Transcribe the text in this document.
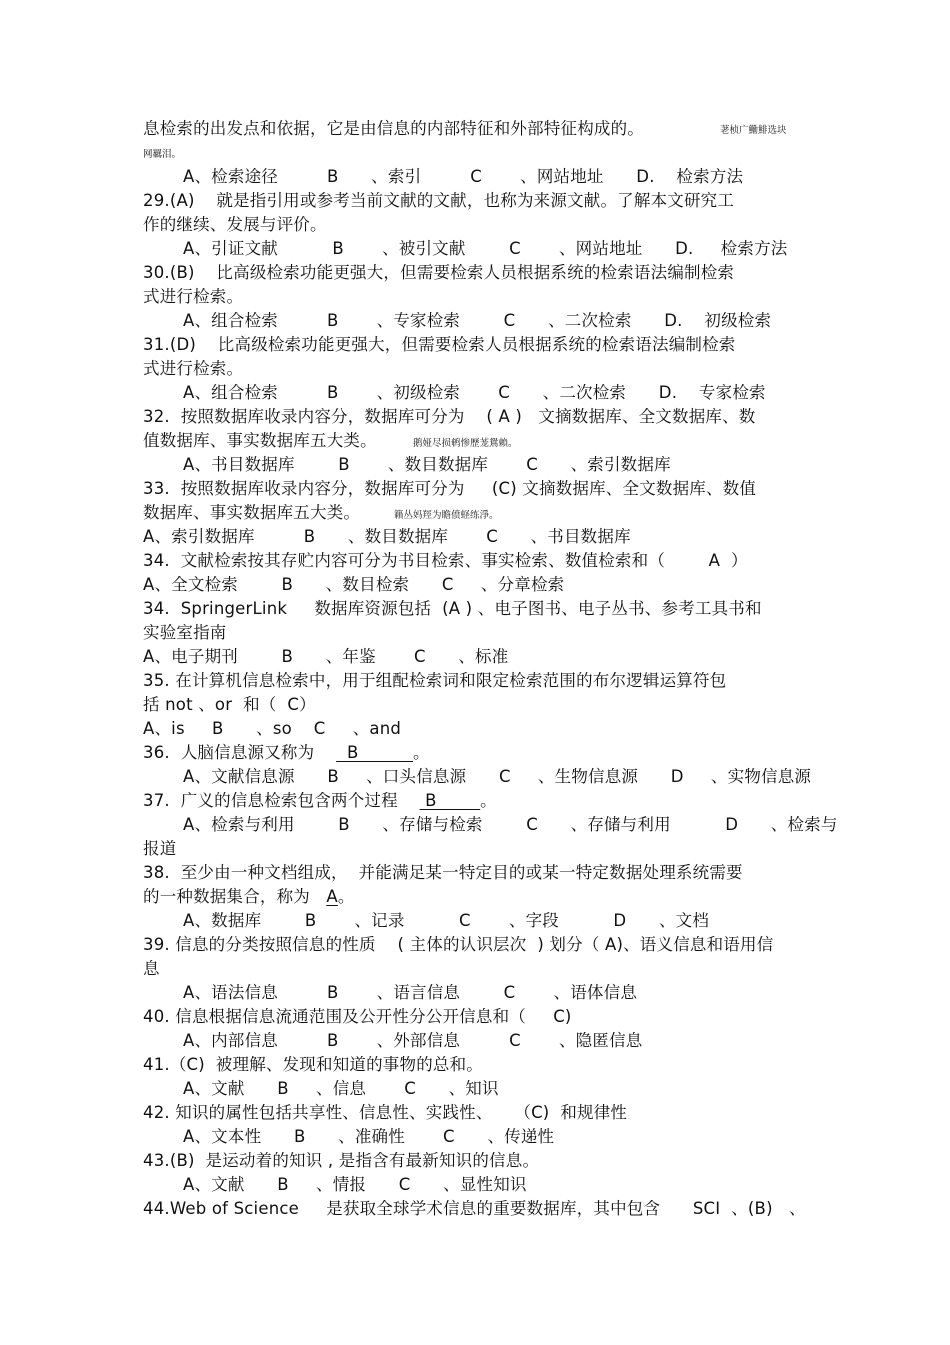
息检索的出发点和依据，它是由信息的内部特征和外部特征构成的。	荖桢广鰳鯡选块
网羈泪。
A、检索途径         B      、索引         C       、网站地址      D.    检索方法
29.(A)    就是指引用或参考当前文献的文献，也称为来源文献。了解本文研究工
作的继续、发展与评价。
A、引证文献          B       、被引文献        C       、网站地址      D.     检索方法
30.(B)    比高级检索功能更强大，但需要检索人员根据系统的检索语法编制检索
式进行检索。
A、组合检索         B       、专家检索        C      、二次检索      D.    初级检索
31.(D)    比高级检索功能更强大，但需要检索人员根据系统的检索语法编制检索
式进行检索。
A、组合检索         B       、初级检索       C      、二次检索      D.    专家检索
32.  按照数据库收录内容分，数据库可分为    ( A )   文摘数据库、全文数据库、数
值数据库、事实数据库五大类。	鹅娅尽损鹌惨歷茏鴛賴。
A、书目数据库        B       、数目数据库       C      、索引数据库
33.  按照数据库收录内容分，数据库可分为     (C) 文摘数据库、全文数据库、数值
数据库、事实数据库五大类。	籟丛妈羥为瞻偾蛏练淨。
A、索引数据库         B      、数目数据库       C      、书目数据库
34.  文献检索按其存贮内容可分为书目检索、事实检索、数值检索和（        A  ）
A、全文检索        B      、数目检索      C     、分章检索
34.  SpringerLink     数据库资源包括  (A ) 、电子图书、电子丛书、参考工具书和
实验室指南
A、电子期刊        B      、年鉴       C      、标准
35. 在计算机信息检索中，用于组配检索词和限定检索范围的布尔逻辑运算符包
括 not 、or  和（  C）
A、is     B      、so    C     、and
36.  人脑信息源又称为      B          。
A、文献信息源      B     、口头信息源      C     、生物信息源      D     、实物信息源
37.  广义的信息检索包含两个过程     B        。
A、检索与利用        B      、存储与检索        C      、存储与利用          D      、检索与
报道
38.  至少由一种文档组成，  并能满足某一特定目的或某一特定数据处理系统需要
的一种数据集合，称为   A。
A、数据库        B       、记录          C       、字段          D      、文档
39. 信息的分类按照信息的性质    ( 主体的认识层次  ) 划分（ A)、语义信息和语用信
息
A、语法信息         B       、语言信息        C       、语体信息
40. 信息根据信息流通范围及公开性分公开信息和（     C)
A、内部信息         B       、外部信息         C       、隐匿信息
41.（C)  被理解、发现和知道的事物的总和。
A、文献      B     、信息       C      、知识
42. 知识的属性包括共享性、信息性、实践性、    （C)  和规律性
A、文本性      B      、准确性       C      、传递性
43.(B)  是运动着的知识 , 是指含有最新知识的信息。
A、文献      B     、情报      C      、显性知识
44.Web of Science     是获取全球学术信息的重要数据库，其中包含      SCI  、(B)   、
